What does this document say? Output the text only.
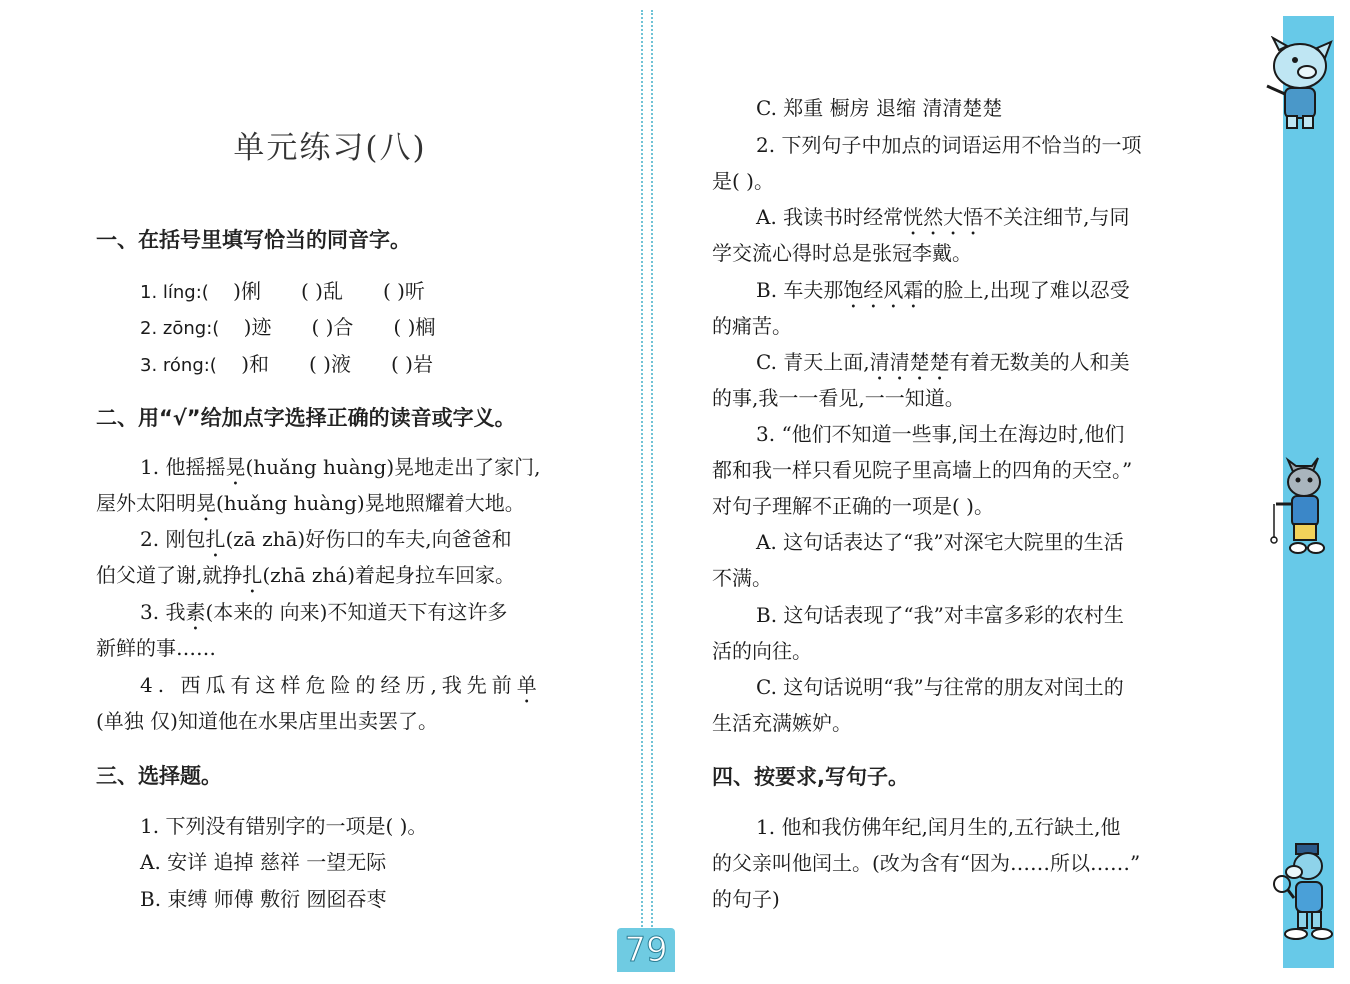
单元练习(八)
一、在括号里填写恰当的同音字。
1. líng:( )俐 ( )乱 ( )听
2. zōng:( )迹 ( )合 ( )榈
3. róng:( )和 ( )液 ( )岩
二、用“√”给加点字选择正确的读音或字义。
1. 他摇摇晃(huǎng huàng)晃地走出了家门,
屋外太阳明晃(huǎng huàng)晃地照耀着大地。
2. 刚包扎(zā zhā)好伤口的车夫,向爸爸和
伯父道了谢,就挣扎(zhā zhá)着起身拉车回家。
3. 我素(本来的 向来)不知道天下有这许多
新鲜的事……
4. 西瓜有这样危险的经历,我先前单
(单独 仅)知道他在水果店里出卖罢了。
三、选择题。
1. 下列没有错别字的一项是( )。
A. 安详 追掉 慈祥 一望无际
B. 束缚 师傅 敷衍 囫囵吞枣
79
C. 郑重 橱房 退缩 清清楚楚
2. 下列句子中加点的词语运用不恰当的一项
是( )。
A. 我读书时经常恍然大悟不关注细节,与同
学交流心得时总是张冠李戴。
B. 车夫那饱经风霜的脸上,出现了难以忍受
的痛苦。
C. 青天上面,清清楚楚有着无数美的人和美
的事,我一一看见,一一知道。
3. “他们不知道一些事,闰土在海边时,他们
都和我一样只看见院子里高墙上的四角的天空。”
对句子理解不正确的一项是( )。
A. 这句话表达了“我”对深宅大院里的生活
不满。
B. 这句话表现了“我”对丰富多彩的农村生
活的向往。
C. 这句话说明“我”与往常的朋友对闰土的
生活充满嫉妒。
四、按要求,写句子。
1. 他和我仿佛年纪,闰月生的,五行缺土,他
的父亲叫他闰土。(改为含有“因为……所以……”
的句子)
